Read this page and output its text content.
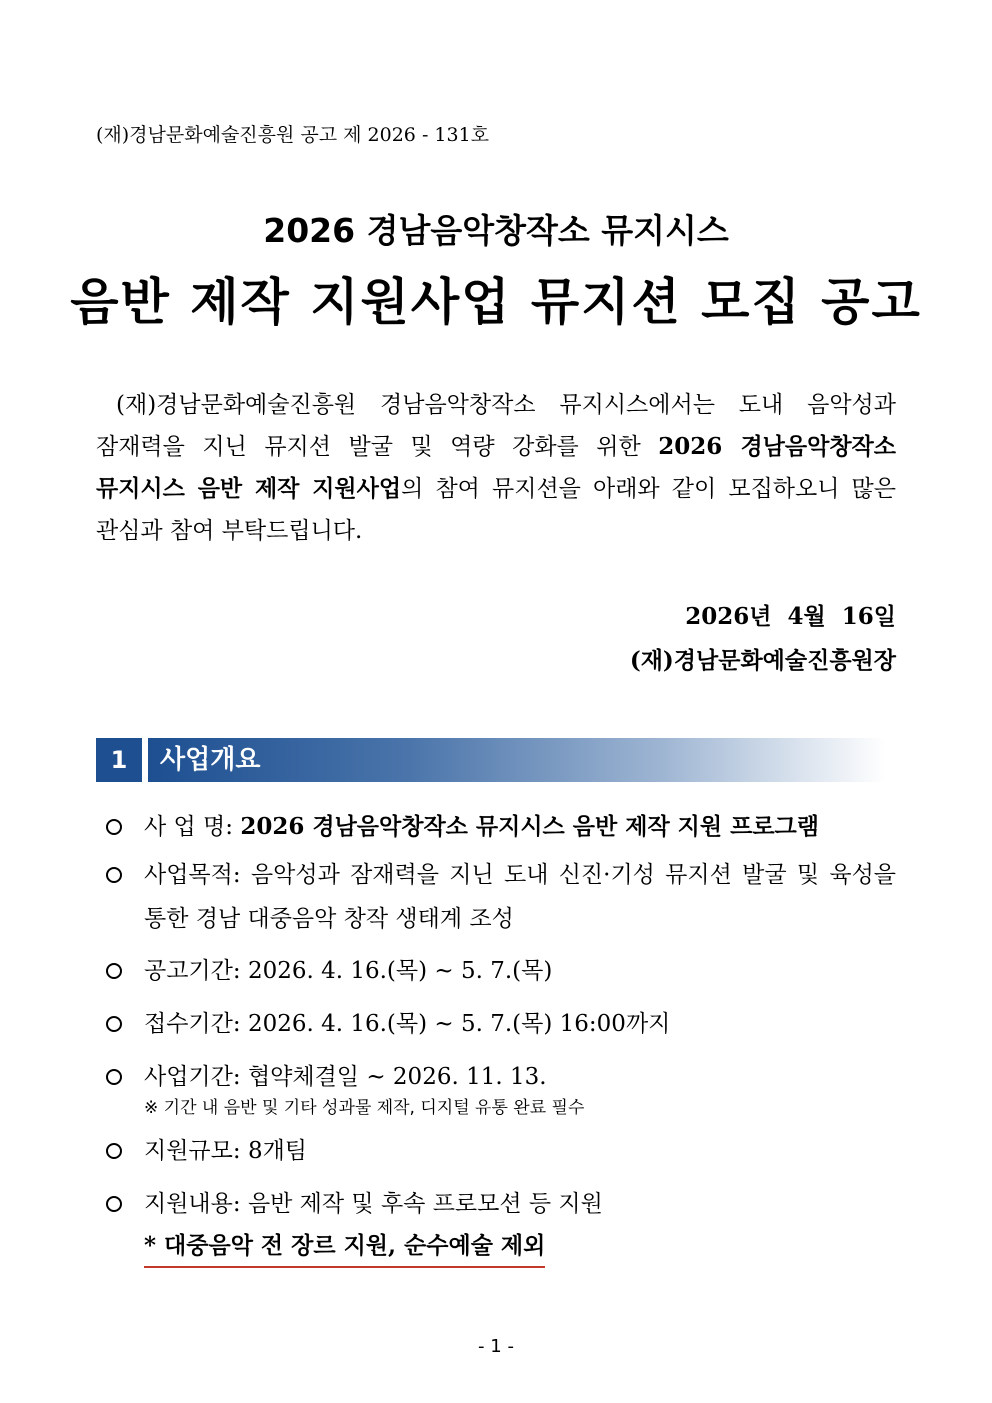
(재)경남문화예술진흥원 공고 제 2026 - 131호
2026 경남음악창작소 뮤지시스
음반 제작 지원사업 뮤지션 모집 공고

(재)경남문화예술진흥원 경남음악창작소 뮤지시스에서는 도내 음악성과 잠재력을 지닌 뮤지션 발굴 및 역량 강화를 위한 2026 경남음악창작소 뮤지시스 음반 제작 지원사업의 참여 뮤지션을 아래와 같이 모집하오니 많은 관심과 참여 부탁드립니다.

2026년  4월  16일
(재)경남문화예술진흥원장
1	사업개요
사 업 명: 2026 경남음악창작소 뮤지시스 음반 제작 지원 프로그램
사업목적: 음악성과 잠재력을 지닌 도내 신진·기성 뮤지션 발굴 및 육성을 통한 경남 대중음악 창작 생태계 조성
공고기간: 2026. 4. 16.(목) ~ 5. 7.(목)
접수기간: 2026. 4. 16.(목) ~ 5. 7.(목) 16:00까지
사업기간: 협약체결일 ~ 2026. 11. 13.
※ 기간 내 음반 및 기타 성과물 제작, 디지털 유통 완료 필수
지원규모: 8개팀
지원내용: 음반 제작 및 후속 프로모션 등 지원
* 대중음악 전 장르 지원, 순수예술 제외
- 1 -
